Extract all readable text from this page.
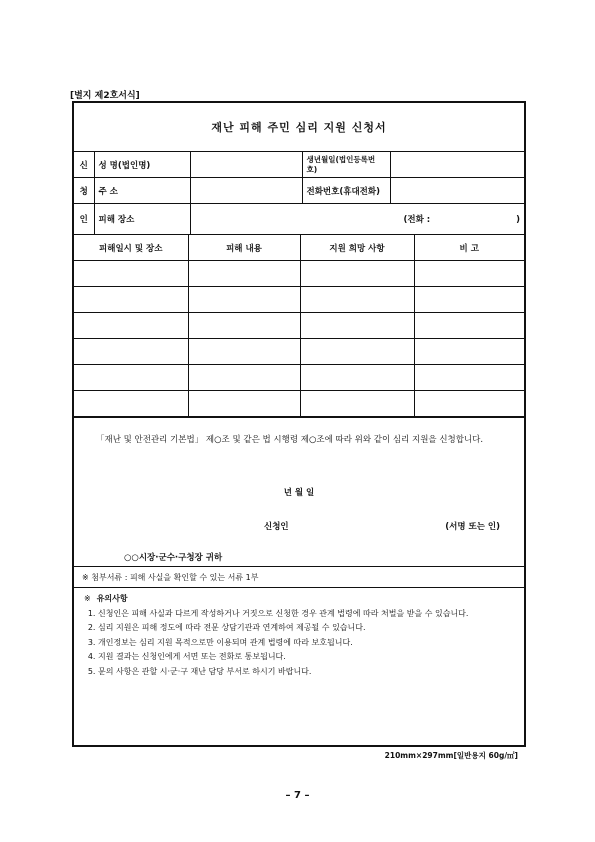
[별지 제2호서식]
재난 피해 주민 심리 지원 신청서
신	성 명(법인명)		생년월일(법인등록번호)	
청	주 소		전화번호(휴대전화)	
인	피해 장소	(전화 : )		
피해일시 및 장소	피해 내용	지원 희망 사항	비 고

「재난 및 안전관리 기본법」 제○조 및 같은 법 시행령 제○조에 따라 위와 같이 심리 지원을 신청합니다.

년 월 일
신청인	(서명 또는 인)
○○시장·군수·구청장 귀하
※ 첨부서류 : 피해 사실을 확인할 수 있는 서류 1부
※ 유의사항
1. 신청인은 피해 사실과 다르게 작성하거나 거짓으로 신청한 경우 관계 법령에 따라 처벌을 받을 수 있습니다.
2. 심리 지원은 피해 정도에 따라 전문 상담기관과 연계하여 제공될 수 있습니다.
3. 개인정보는 심리 지원 목적으로만 이용되며 관계 법령에 따라 보호됩니다.
4. 지원 결과는 신청인에게 서면 또는 전화로 통보됩니다.
5. 문의 사항은 관할 시·군·구 재난 담당 부서로 하시기 바랍니다.
210mm×297mm[일반용지 60g/㎡]
– 7 –
